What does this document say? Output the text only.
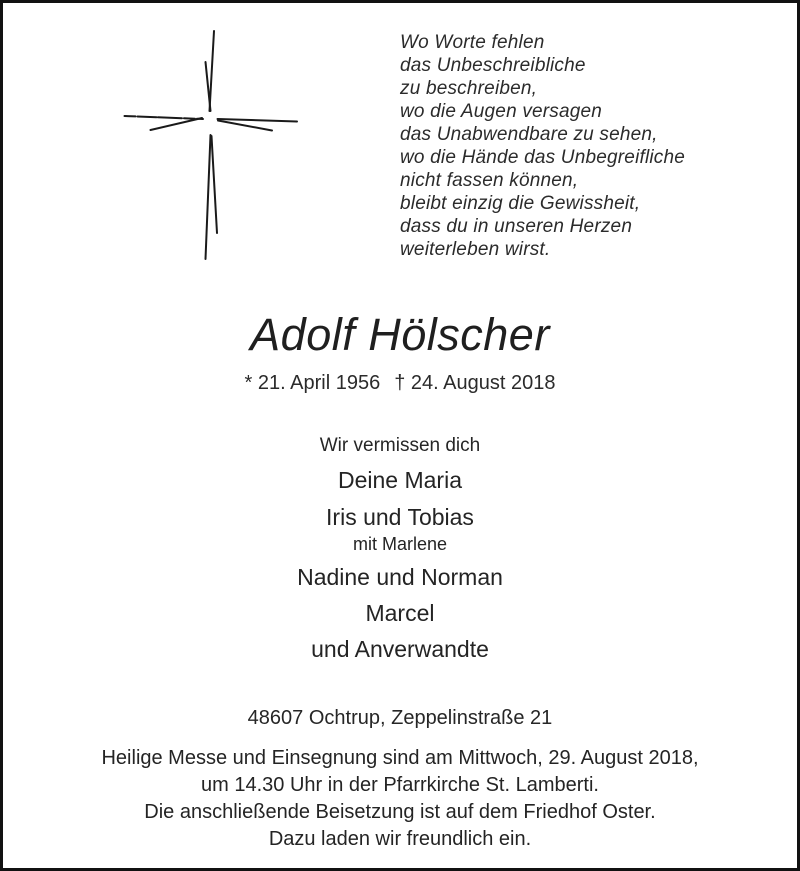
Wo Worte fehlen
das Unbeschreibliche
zu beschreiben,
wo die Augen versagen
das Unabwendbare zu sehen,
wo die Hände das Unbegreifliche
nicht fassen können,
bleibt einzig die Gewissheit,
dass du in unseren Herzen
weiterleben wirst.
Adolf Hölscher
* 21. April 1956 † 24. August 2018
Wir vermissen dich
Deine Maria
Iris und Tobias
mit Marlene
Nadine und Norman
Marcel
und Anverwandte
48607 Ochtrup, Zeppelinstraße 21
Heilige Messe und Einsegnung sind am Mittwoch, 29. August 2018,
um 14.30 Uhr in der Pfarrkirche St. Lamberti.
Die anschließende Beisetzung ist auf dem Friedhof Oster.
Dazu laden wir freundlich ein.
